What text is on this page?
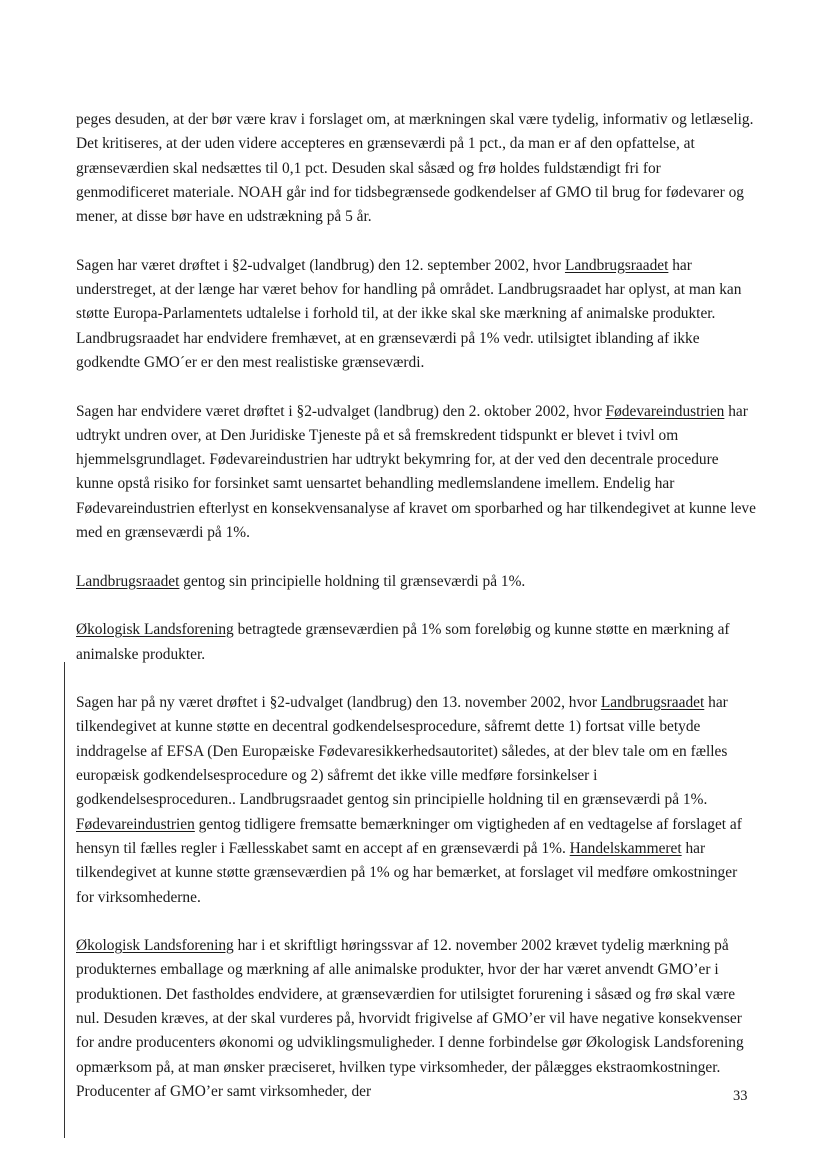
peges desuden, at der bør være krav i forslaget om, at mærkningen skal være tydelig, informativ og letlæselig. Det kritiseres, at der uden videre accepteres en grænseværdi på 1 pct., da man er af den opfattelse, at grænseværdien skal nedsættes til 0,1 pct. Desuden skal såsæd og frø holdes fuldstændigt fri for genmodificeret materiale. NOAH går ind for tidsbegrænsede godkendelser af GMO til brug for fødevarer og mener, at disse bør have en udstrækning på 5 år.

Sagen har været drøftet i §2-udvalget (landbrug) den 12. september 2002, hvor Landbrugsraadet har understreget, at der længe har været behov for handling på området. Landbrugsraadet har oplyst, at man kan støtte Europa-Parlamentets udtalelse i forhold til, at der ikke skal ske mærkning af animalske produkter. Landbrugsraadet har endvidere fremhævet, at en grænseværdi på 1% vedr. utilsigtet iblanding af ikke godkendte GMO´er er den mest realistiske grænseværdi.

Sagen har endvidere været drøftet i §2-udvalget (landbrug) den 2. oktober 2002, hvor Fødevareindustrien har udtrykt undren over, at Den Juridiske Tjeneste på et så fremskredent tidspunkt er blevet i tvivl om hjemmelsgrundlaget. Fødevareindustrien har udtrykt bekymring for, at der ved den decentrale procedure kunne opstå risiko for forsinket samt uensartet behandling medlemslandene imellem. Endelig har Fødevareindustrien efterlyst en konsekvensanalyse af kravet om sporbarhed og har tilkendegivet at kunne leve med en grænseværdi på 1%.

Landbrugsraadet gentog sin principielle holdning til grænseværdi på 1%.

Økologisk Landsforening betragtede grænseværdien på 1% som foreløbig og kunne støtte en mærkning af animalske produkter.

Sagen har på ny været drøftet i §2-udvalget (landbrug) den 13. november 2002, hvor Landbrugsraadet har tilkendegivet at kunne støtte en decentral godkendelsesprocedure, såfremt dette 1) fortsat ville betyde inddragelse af EFSA (Den Europæiske Fødevaresikkerhedsautoritet) således, at der blev tale om en fælles europæisk godkendelsesprocedure og 2) såfremt det ikke ville medføre forsinkelser i godkendelsesproceduren.. Landbrugsraadet gentog sin principielle holdning til en grænseværdi på 1%. Fødevareindustrien gentog tidligere fremsatte bemærkninger om vigtigheden af en vedtagelse af forslaget af hensyn til fælles regler i Fællesskabet samt en accept af en grænseværdi på 1%. Handelskammeret har tilkendegivet at kunne støtte grænseværdien på 1% og har bemærket, at forslaget vil medføre omkostninger for virksomhederne.

Økologisk Landsforening har i et skriftligt høringssvar af 12. november 2002 krævet tydelig mærkning på produkternes emballage og mærkning af alle animalske produkter, hvor der har været anvendt GMO’er i produktionen. Det fastholdes endvidere, at grænseværdien for utilsigtet forurening i såsæd og frø skal være nul. Desuden kræves, at der skal vurderes på, hvorvidt frigivelse af GMO’er vil have negative konsekvenser for andre producenters økonomi og udviklingsmuligheder. I denne forbindelse gør Økologisk Landsforening opmærksom på, at man ønsker præciseret, hvilken type virksomheder, der pålægges ekstraomkostninger. Producenter af GMO’er samt virksomheder, der	33
